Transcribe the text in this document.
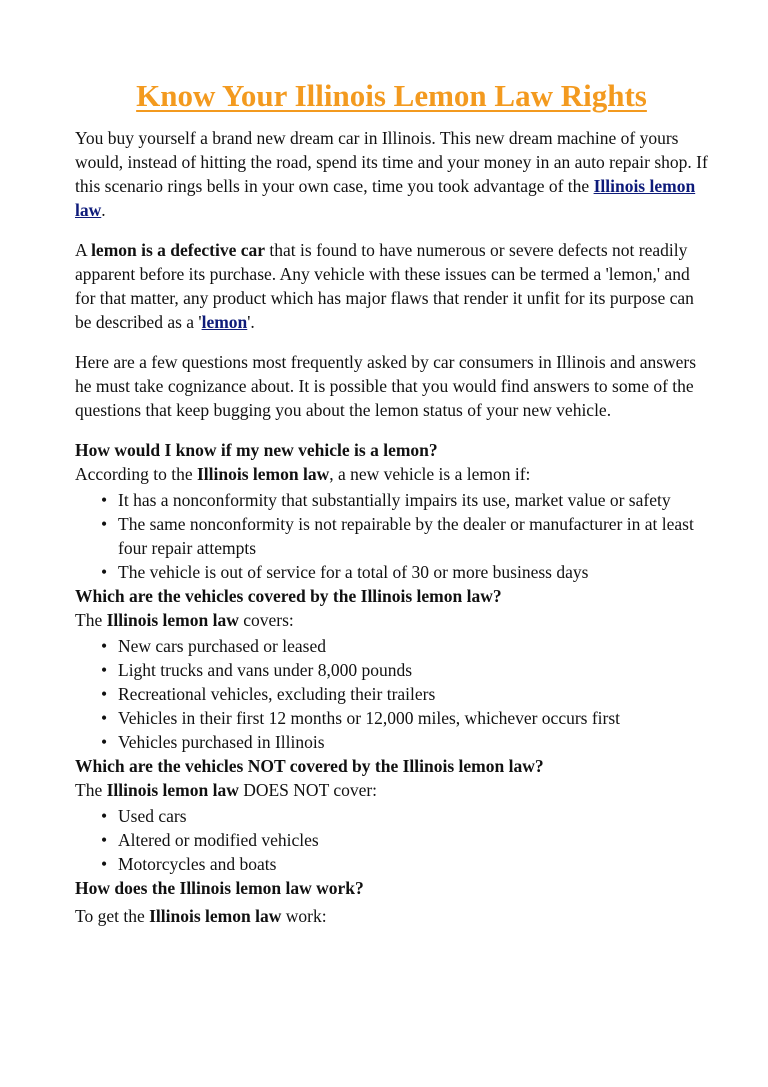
Know Your Illinois Lemon Law Rights

You buy yourself a brand new dream car in Illinois. This new dream machine of yours would, instead of hitting the road, spend its time and your money in an auto repair shop. If this scenario rings bells in your own case, time you took advantage of the Illinois lemon law.

A lemon is a defective car that is found to have numerous or severe defects not readily apparent before its purchase. Any vehicle with these issues can be termed a 'lemon,' and for that matter, any product which has major flaws that render it unfit for its purpose can be described as a 'lemon'.

Here are a few questions most frequently asked by car consumers in Illinois and answers he must take cognizance about. It is possible that you would find answers to some of the questions that keep bugging you about the lemon status of your new vehicle.

How would I know if my new vehicle is a lemon?

According to the Illinois lemon law, a new vehicle is a lemon if:

• It has a nonconformity that substantially impairs its use, market value or safety
• The same nonconformity is not repairable by the dealer or manufacturer in at least four repair attempts
• The vehicle is out of service for a total of 30 or more business days

Which are the vehicles covered by the Illinois lemon law?

The Illinois lemon law covers:

• New cars purchased or leased
• Light trucks and vans under 8,000 pounds
• Recreational vehicles, excluding their trailers
• Vehicles in their first 12 months or 12,000 miles, whichever occurs first
• Vehicles purchased in Illinois

Which are the vehicles NOT covered by the Illinois lemon law?

The Illinois lemon law DOES NOT cover:

• Used cars
• Altered or modified vehicles
• Motorcycles and boats

How does the Illinois lemon law work?

To get the Illinois lemon law work:
